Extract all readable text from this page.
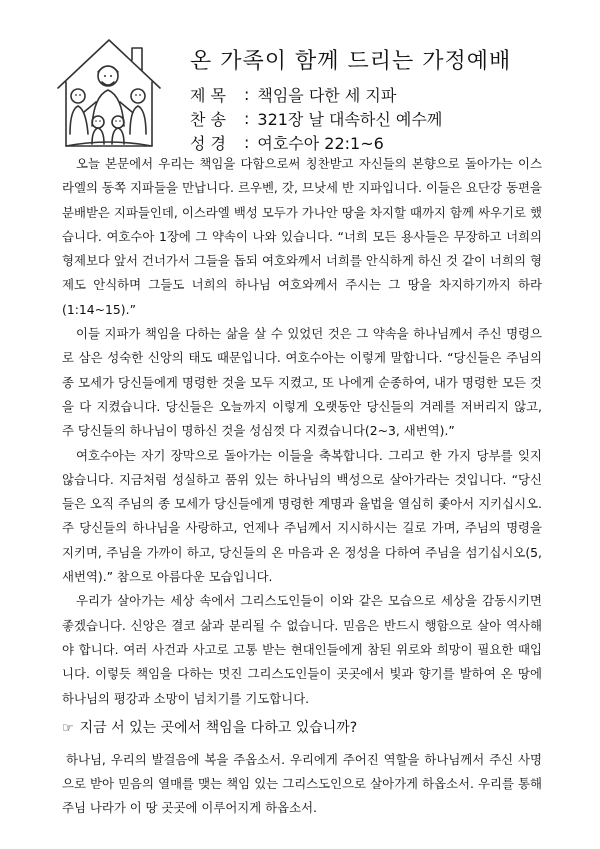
온 가족이 함께 드리는 가정예배
제 목	: 책임을 다한 세 지파
찬 송	: 321장 날 대속하신 예수께
성 경	: 여호수아 22:1~6

오늘 본문에서 우리는 책임을 다함으로써 칭찬받고 자신들의 본향으로 돌아가는 이스라엘의 동쪽 지파들을 만납니다. 르우벤, 갓, 므낫세 반 지파입니다. 이들은 요단강 동편을 분배받은 지파들인데, 이스라엘 백성 모두가 가나안 땅을 차지할 때까지 함께 싸우기로 했습니다. 여호수아 1장에 그 약속이 나와 있습니다. “너희 모든 용사들은 무장하고 너희의 형제보다 앞서 건너가서 그들을 돕되 여호와께서 너희를 안식하게 하신 것 같이 너희의 형제도 안식하며 그들도 너희의 하나님 여호와께서 주시는 그 땅을 차지하기까지 하라(1:14~15).”

이들 지파가 책임을 다하는 삶을 살 수 있었던 것은 그 약속을 하나님께서 주신 명령으로 삼은 성숙한 신앙의 태도 때문입니다. 여호수아는 이렇게 말합니다. “당신들은 주님의 종 모세가 당신들에게 명령한 것을 모두 지켰고, 또 나에게 순종하여, 내가 명령한 모든 것을 다 지켰습니다. 당신들은 오늘까지 이렇게 오랫동안 당신들의 겨레를 저버리지 않고, 주 당신들의 하나님이 명하신 것을 성심껏 다 지켰습니다(2~3, 새번역).”

여호수아는 자기 장막으로 돌아가는 이들을 축복합니다. 그리고 한 가지 당부를 잊지 않습니다. 지금처럼 성실하고 품위 있는 하나님의 백성으로 살아가라는 것입니다. “당신들은 오직 주님의 종 모세가 당신들에게 명령한 계명과 율법을 열심히 좇아서 지키십시오. 주 당신들의 하나님을 사랑하고, 언제나 주님께서 지시하시는 길로 가며, 주님의 명령을 지키며, 주님을 가까이 하고, 당신들의 온 마음과 온 정성을 다하여 주님을 섬기십시오(5, 새번역).” 참으로 아름다운 모습입니다.

우리가 살아가는 세상 속에서 그리스도인들이 이와 같은 모습으로 세상을 감동시키면 좋겠습니다. 신앙은 결코 삶과 분리될 수 없습니다. 믿음은 반드시 행함으로 살아 역사해야 합니다. 여러 사건과 사고로 고통 받는 현대인들에게 참된 위로와 희망이 필요한 때입니다. 이렇듯 책임을 다하는 멋진 그리스도인들이 곳곳에서 빛과 향기를 발하여 온 땅에 하나님의 평강과 소망이 넘치기를 기도합니다.

☞ 지금 서 있는 곳에서 책임을 다하고 있습니까?

하나님, 우리의 발걸음에 복을 주옵소서. 우리에게 주어진 역할을 하나님께서 주신 사명으로 받아 믿음의 열매를 맺는 책임 있는 그리스도인으로 살아가게 하옵소서. 우리를 통해 주님 나라가 이 땅 곳곳에 이루어지게 하옵소서.
